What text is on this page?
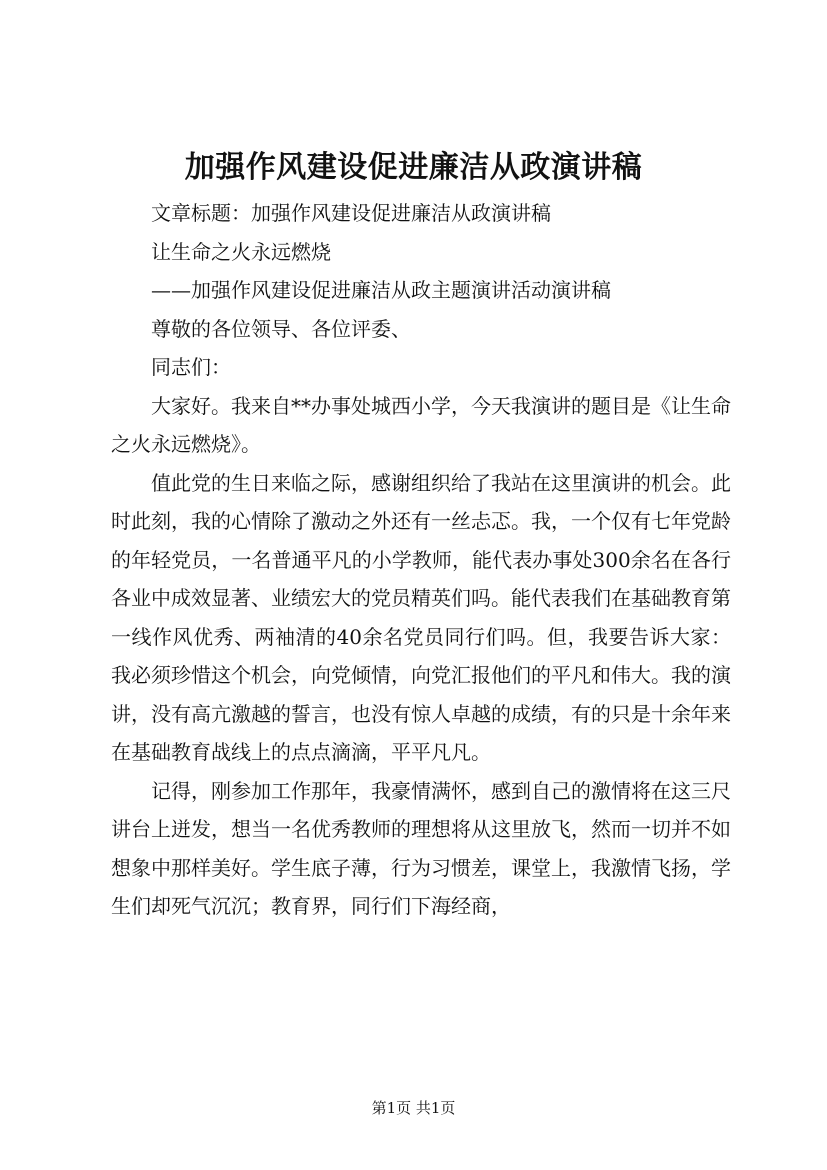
加强作风建设促进廉洁从政演讲稿

文章标题：加强作风建设促进廉洁从政演讲稿

让生命之火永远燃烧

——加强作风建设促进廉洁从政主题演讲活动演讲稿

尊敬的各位领导、各位评委、

同志们：

大家好。我来自**办事处城西小学，今天我演讲的题目是《让生命之火永远燃烧》。

值此党的生日来临之际，感谢组织给了我站在这里演讲的机会。此时此刻，我的心情除了激动之外还有一丝忐忑。我，一个仅有七年党龄的年轻党员，一名普通平凡的小学教师，能代表办事处300余名在各行各业中成效显著、业绩宏大的党员精英们吗。能代表我们在基础教育第一线作风优秀、两袖清的40余名党员同行们吗。但，我要告诉大家：我必须珍惜这个机会，向党倾情，向党汇报他们的平凡和伟大。我的演讲，没有高亢激越的誓言，也没有惊人卓越的成绩，有的只是十余年来在基础教育战线上的点点滴滴，平平凡凡。

记得，刚参加工作那年，我豪情满怀，感到自己的激情将在这三尺讲台上迸发，想当一名优秀教师的理想将从这里放飞，然而一切并不如想象中那样美好。学生底子薄，行为习惯差，课堂上，我激情飞扬，学生们却死气沉沉；教育界，同行们下海经商，

第1页 共1页
